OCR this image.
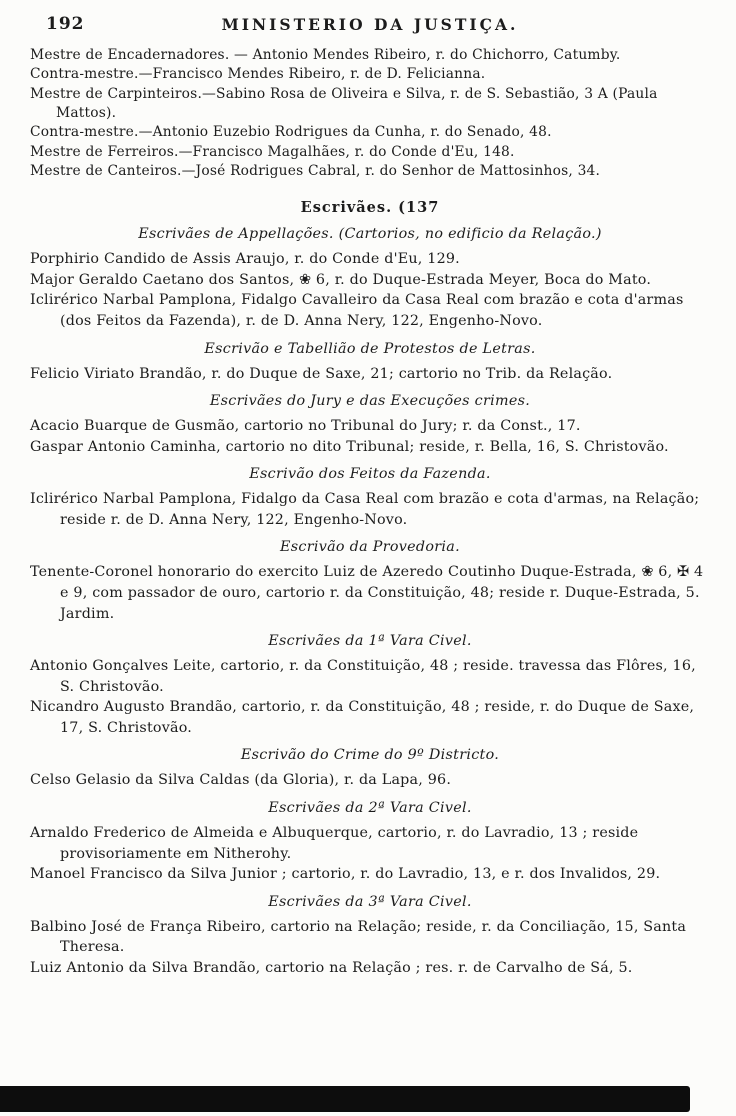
192	MINISTERIO DA JUSTIÇA.

Mestre de Encadernadores. — Antonio Mendes Ribeiro, r. do Chichorro, Catumby.

Contra-mestre.—Francisco Mendes Ribeiro, r. de D. Felicianna.

Mestre de Carpinteiros.—Sabino Rosa de Oliveira e Silva, r. de S. Sebastião, 3 A (Paula Mattos).

Contra-mestre.—Antonio Euzebio Rodrigues da Cunha, r. do Senado, 48.

Mestre de Ferreiros.—Francisco Magalhães, r. do Conde d'Eu, 148.

Mestre de Canteiros.—José Rodrigues Cabral, r. do Senhor de Mattosinhos, 34.

Escrivães. (137
Escrivães de Appellações. (Cartorios, no edificio da Relação.)

Porphirio Candido de Assis Araujo, r. do Conde d'Eu, 129.

Major Geraldo Caetano dos Santos, ❀ 6, r. do Duque-Estrada Meyer, Boca do Mato.

Iclirérico Narbal Pamplona, Fidalgo Cavalleiro da Casa Real com brazão e cota d'armas (dos Feitos da Fazenda), r. de D. Anna Nery, 122, Engenho-Novo.

Escrivão e Tabellião de Protestos de Letras.

Felicio Viriato Brandão, r. do Duque de Saxe, 21; cartorio no Trib. da Relação.

Escrivães do Jury e das Execuções crimes.

Acacio Buarque de Gusmão, cartorio no Tribunal do Jury; r. da Const., 17.

Gaspar Antonio Caminha, cartorio no dito Tribunal; reside, r. Bella, 16, S. Christovão.

Escrivão dos Feitos da Fazenda.

Iclirérico Narbal Pamplona, Fidalgo da Casa Real com brazão e cota d'armas, na Relação; reside r. de D. Anna Nery, 122, Engenho-Novo.

Escrivão da Provedoria.

Tenente-Coronel honorario do exercito Luiz de Azeredo Coutinho Duque-Estrada, ❀ 6, ✠ 4 e 9, com passador de ouro, cartorio r. da Constituição, 48; reside r. Duque-Estrada, 5. Jardim.

Escrivães da 1ª Vara Civel.

Antonio Gonçalves Leite, cartorio, r. da Constituição, 48 ; reside. travessa das Flôres, 16, S. Christovão.

Nicandro Augusto Brandão, cartorio, r. da Constituição, 48 ; reside, r. do Duque de Saxe, 17, S. Christovão.

Escrivão do Crime do 9º Districto.

Celso Gelasio da Silva Caldas (da Gloria), r. da Lapa, 96.

Escrivães da 2ª Vara Civel.

Arnaldo Frederico de Almeida e Albuquerque, cartorio, r. do Lavradio, 13 ; reside provisoriamente em Nitherohy.

Manoel Francisco da Silva Junior ; cartorio, r. do Lavradio, 13, e r. dos Invalidos, 29.

Escrivães da 3ª Vara Civel.

Balbino José de França Ribeiro, cartorio na Relação; reside, r. da Conciliação, 15, Santa Theresa.

Luiz Antonio da Silva Brandão, cartorio na Relação ; res. r. de Carvalho de Sá, 5.
